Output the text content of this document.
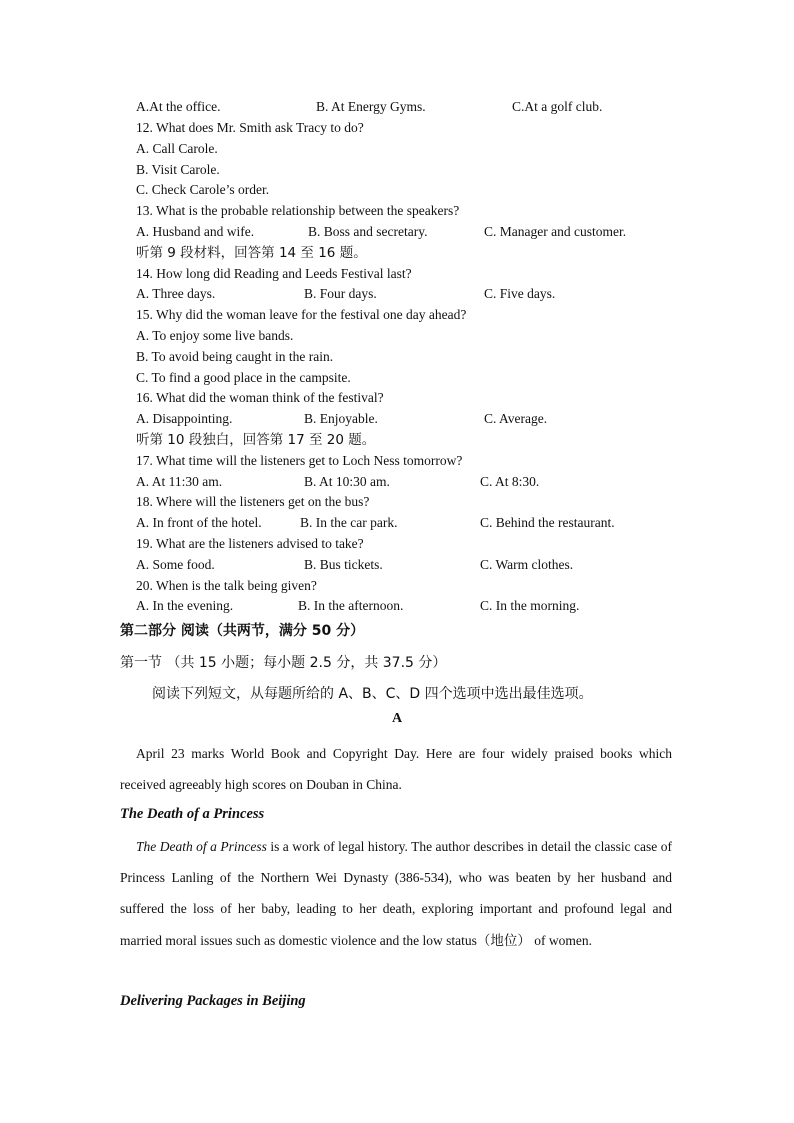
A.At the office.	B. At Energy Gyms.	C.At a golf club.
12. What does Mr. Smith ask Tracy to do?
A. Call Carole.
B. Visit Carole.
C. Check Carole’s order.
13. What is the probable relationship between the speakers?
A. Husband and wife.	B. Boss and secretary.	C. Manager and customer.
听第 9 段材料，回答第 14 至 16 题。
14. How long did Reading and Leeds Festival last?
A. Three days.	B. Four days.	C. Five days.
15. Why did the woman leave for the festival one day ahead?
A. To enjoy some live bands.
B. To avoid being caught in the rain.
C. To find a good place in the campsite.
16. What did the woman think of the festival?
A. Disappointing.	B. Enjoyable.	C. Average.
听第 10 段独白，回答第 17 至 20 题。
17. What time will the listeners get to Loch Ness tomorrow?
A. At 11:30 am.	B. At 10:30 am.	C. At 8:30.
18. Where will the listeners get on the bus?
A. In front of the hotel.	B. In the car park.	C. Behind the restaurant.
19. What are the listeners advised to take?
A. Some food.	B. Bus tickets.	C. Warm clothes.
20. When is the talk being given?
A. In the evening.	B. In the afternoon.	C. In the morning.
第二部分 阅读（共两节，满分 50 分）
第一节 （共 15 小题；每小题 2.5 分，共 37.5 分）
阅读下列短文，从每题所给的 A、B、C、D 四个选项中选出最佳选项。
A
April 23 marks World Book and Copyright Day. Here are four widely praised books which received agreeably high scores on Douban in China.
The Death of a Princess
The Death of a Princess is a work of legal history. The author describes in detail the classic case of Princess Lanling of the Northern Wei Dynasty (386-534), who was beaten by her husband and suffered the loss of her baby, leading to her death, exploring important and profound legal and married moral issues such as domestic violence and the low status（地位） of women.
Delivering Packages in Beijing
